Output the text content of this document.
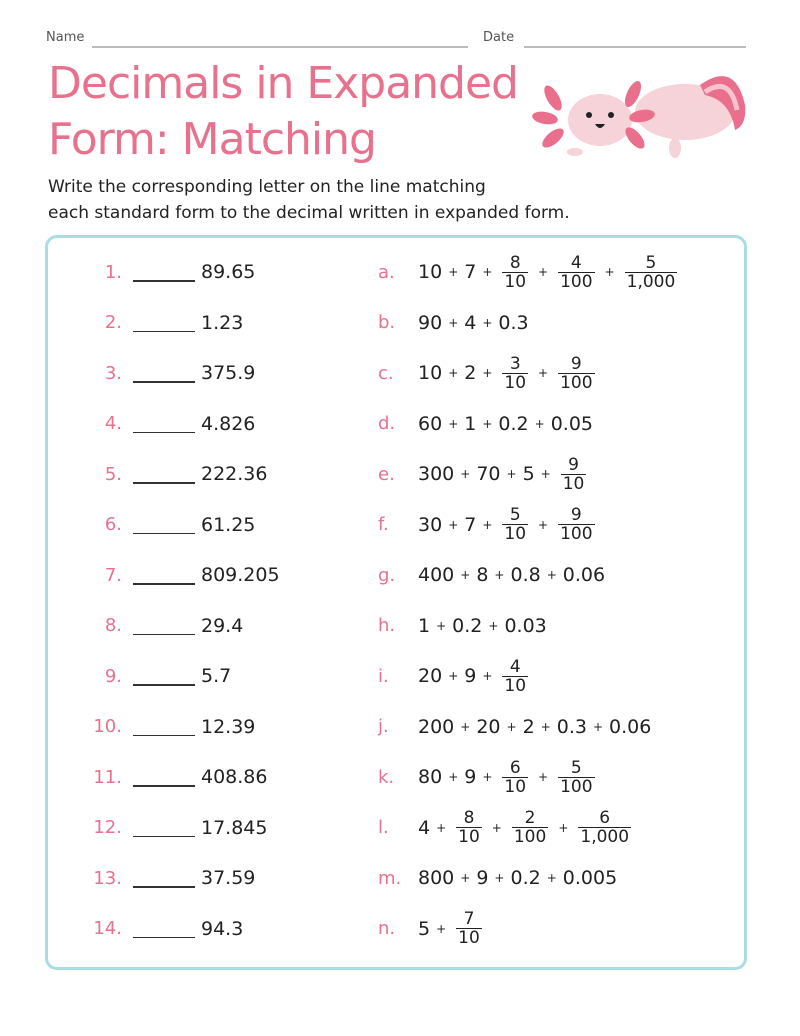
Name	Date
Decimals in Expanded
Form: Matching
Write the corresponding letter on the line matching
each standard form to the decimal written in expanded form.
1.	89.65	a. $10 + 7 + \frac{8}{10} + \frac{4}{100} + \frac{5}{1,000}$
2.	1.23	b. 90 + 4 + 0.3
3.	375.9	c. $10 + 2 + \frac{3}{10} + \frac{9}{100}$
4.	4.826	d. 60 + 1 + 0.2 + 0.05
5.	222.36	e. $300 + 70 + 5 + \frac{9}{10}$
6.	61.25	f. $30 + 7 + \frac{5}{10} + \frac{9}{100}$
7.	809.205	g. 400 + 8 + 0.8 + 0.06
8.	29.4	h. 1 + 0.2 + 0.03
9.	5.7	i. $20 + 9 + \frac{4}{10}$
10.	12.39	j. 200 + 20 + 2 + 0.3 + 0.06
11.	408.86	k. $80 + 9 + \frac{6}{10} + \frac{5}{100}$
12.	17.845	l. $4 + \frac{8}{10} + \frac{2}{100} + \frac{6}{1,000}$
13.	37.59	m. 800 + 9 + 0.2 + 0.005
14.	94.3	n. $5 + \frac{7}{10}$
